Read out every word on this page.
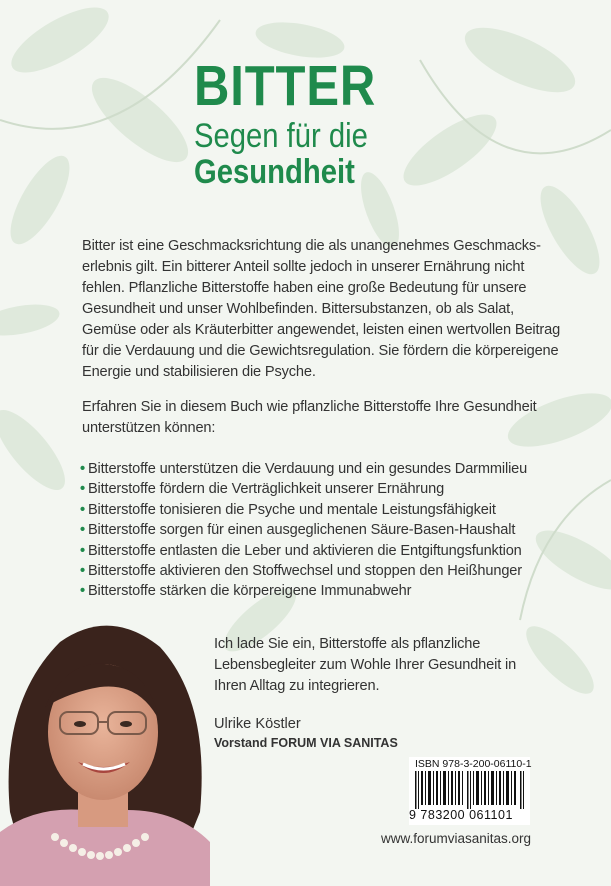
BITTER
Segen für die
Gesundheit
Bitter ist eine Geschmacksrichtung die als unangenehmes Geschmacks-erlebnis gilt. Ein bitterer Anteil sollte jedoch in unserer Ernährung nicht fehlen. Pflanzliche Bitterstoffe haben eine große Bedeutung für unsere Gesundheit und unser Wohlbefinden. Bittersubstanzen, ob als Salat, Gemüse oder als Kräuterbitter angewendet, leisten einen wertvollen Beitrag für die Verdauung und die Gewichtsregulation. Sie fördern die körpereigene Energie und stabilisieren die Psyche.
Erfahren Sie in diesem Buch wie pflanzliche Bitterstoffe Ihre Gesundheit unterstützen können:
• Bitterstoffe unterstützen die Verdauung und ein gesundes Darmmilieu
• Bitterstoffe fördern die Verträglichkeit unserer Ernährung
• Bitterstoffe tonisieren die Psyche und mentale Leistungsfähigkeit
• Bitterstoffe sorgen für einen ausgeglichenen Säure-Basen-Haushalt
• Bitterstoffe entlasten die Leber und aktivieren die Entgiftungsfunktion
• Bitterstoffe aktivieren den Stoffwechsel und stoppen den Heißhunger
• Bitterstoffe stärken die körpereigene Immunabwehr
Ich lade Sie ein, Bitterstoffe als pflanzliche Lebensbegleiter zum Wohle Ihrer Gesundheit in Ihren Alltag zu integrieren.
Ulrike Köstler
Vorstand FORUM VIA SANITAS
9 783200 061101
ISBN 978-3-200-06110-1
www.forumviasanitas.org
